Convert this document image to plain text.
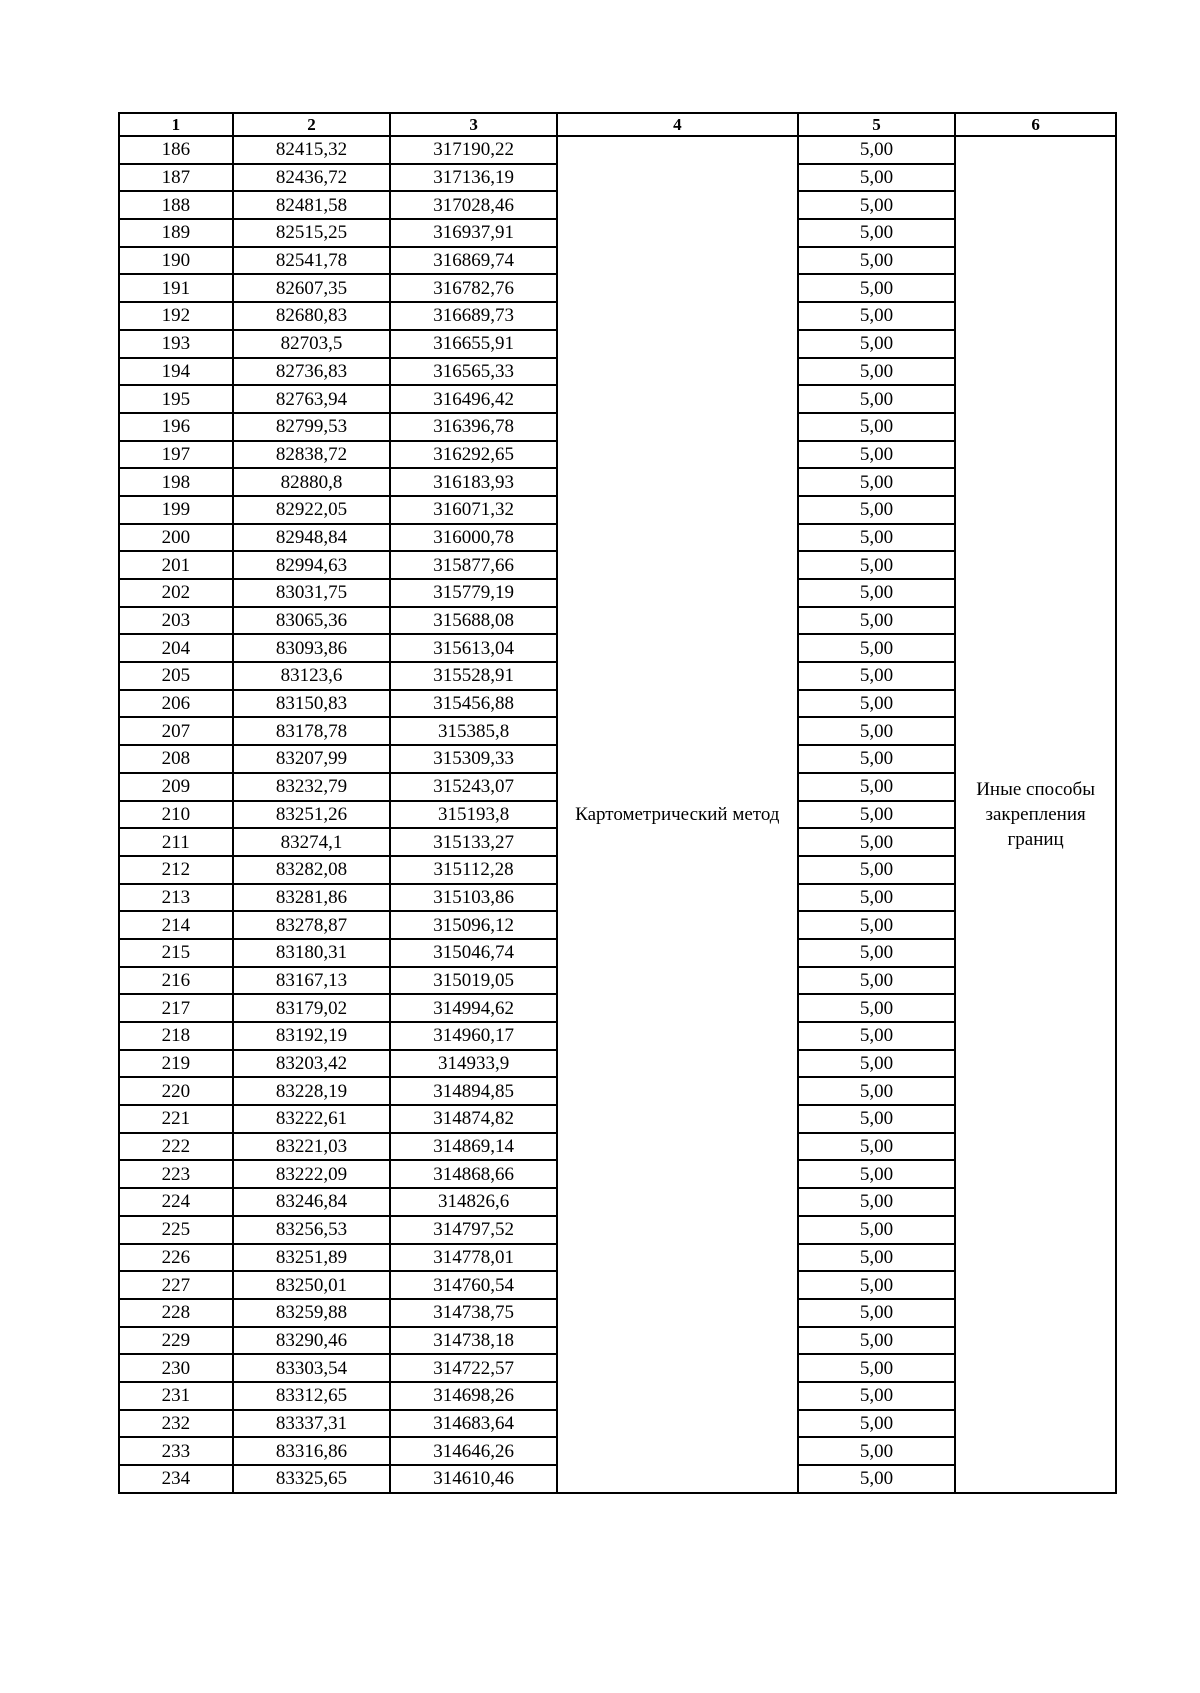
1	2	3	4	5	6
186	82415,32	317190,22	Картометрический метод	5,00	Иные способы закрепления границ
187	82436,72	317136,19		5,00	
188	82481,58	317028,46		5,00	
189	82515,25	316937,91		5,00	
190	82541,78	316869,74		5,00	
191	82607,35	316782,76		5,00	
192	82680,83	316689,73		5,00	
193	82703,5	316655,91		5,00	
194	82736,83	316565,33		5,00	
195	82763,94	316496,42		5,00	
196	82799,53	316396,78		5,00	
197	82838,72	316292,65		5,00	
198	82880,8	316183,93		5,00	
199	82922,05	316071,32		5,00	
200	82948,84	316000,78		5,00	
201	82994,63	315877,66		5,00	
202	83031,75	315779,19		5,00	
203	83065,36	315688,08		5,00	
204	83093,86	315613,04		5,00	
205	83123,6	315528,91		5,00	
206	83150,83	315456,88		5,00	
207	83178,78	315385,8		5,00	
208	83207,99	315309,33		5,00	
209	83232,79	315243,07		5,00	
210	83251,26	315193,8		5,00	
211	83274,1	315133,27		5,00	
212	83282,08	315112,28		5,00	
213	83281,86	315103,86		5,00	
214	83278,87	315096,12		5,00	
215	83180,31	315046,74		5,00	
216	83167,13	315019,05		5,00	
217	83179,02	314994,62		5,00	
218	83192,19	314960,17		5,00	
219	83203,42	314933,9		5,00	
220	83228,19	314894,85		5,00	
221	83222,61	314874,82		5,00	
222	83221,03	314869,14		5,00	
223	83222,09	314868,66		5,00	
224	83246,84	314826,6		5,00	
225	83256,53	314797,52		5,00	
226	83251,89	314778,01		5,00	
227	83250,01	314760,54		5,00	
228	83259,88	314738,75		5,00	
229	83290,46	314738,18		5,00	
230	83303,54	314722,57		5,00	
231	83312,65	314698,26		5,00	
232	83337,31	314683,64		5,00	
233	83316,86	314646,26		5,00	
234	83325,65	314610,46		5,00	
